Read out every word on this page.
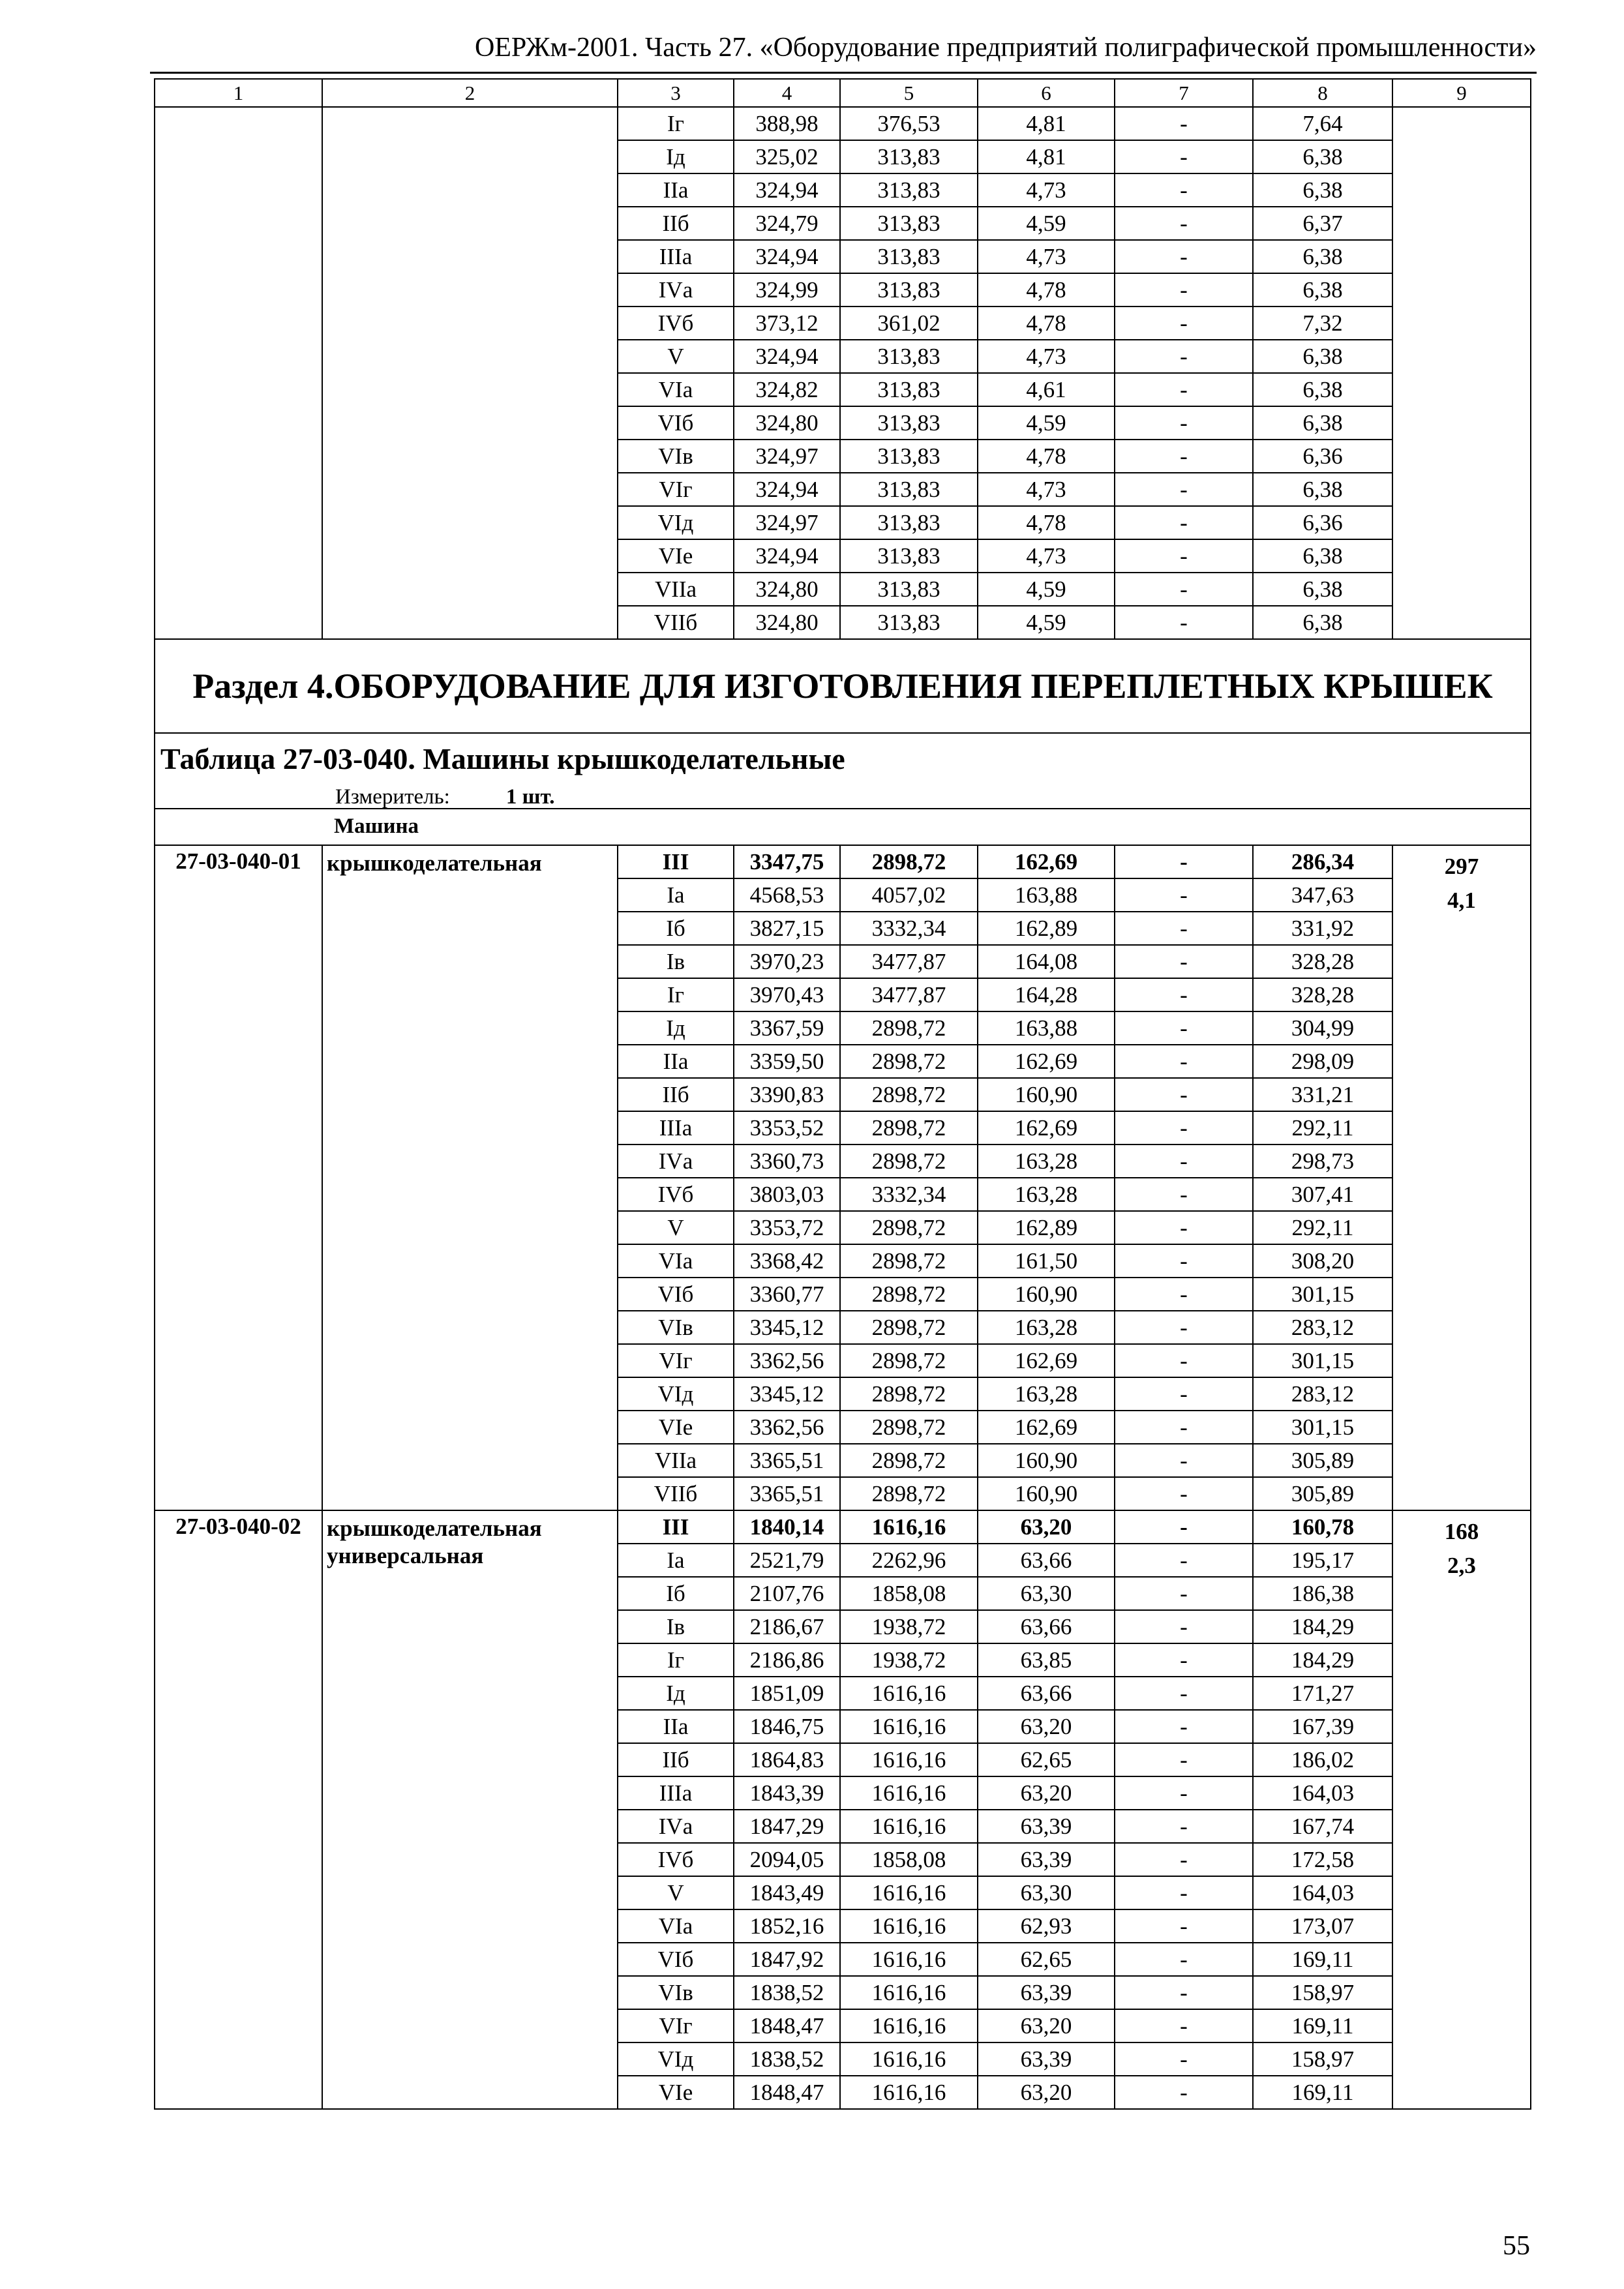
ОЕРЖм-2001. Часть 27. «Оборудование предприятий полиграфической промышленности»
1	2	3	4	5	6	7	8	9
		Iг	388,98	376,53	4,81	-	7,64	
		Iд	325,02	313,83	4,81	-	6,38	
		IIа	324,94	313,83	4,73	-	6,38	
		IIб	324,79	313,83	4,59	-	6,37	
		IIIа	324,94	313,83	4,73	-	6,38	
		IVа	324,99	313,83	4,78	-	6,38	
		IVб	373,12	361,02	4,78	-	7,32	
		V	324,94	313,83	4,73	-	6,38	
		VIа	324,82	313,83	4,61	-	6,38	
		VIб	324,80	313,83	4,59	-	6,38	
		VIв	324,97	313,83	4,78	-	6,36	
		VIг	324,94	313,83	4,73	-	6,38	
		VIд	324,97	313,83	4,78	-	6,36	
		VIе	324,94	313,83	4,73	-	6,38	
		VIIа	324,80	313,83	4,59	-	6,38	
		VIIб	324,80	313,83	4,59	-	6,38	
Раздел 4.ОБОРУДОВАНИЕ ДЛЯ ИЗГОТОВЛЕНИЯ ПЕРЕПЛЕТНЫХ КРЫШЕК								

Таблица 27-03-040. Машины крышкоделательные
Измеритель: 1 шт.								

Машина								
27-03-040-01	крышкоделательная	III	3347,75	2898,72	162,69	-	286,34	297
4,1

		Iа	4568,53	4057,02	163,88	-	347,63	
		Iб	3827,15	3332,34	162,89	-	331,92	
		Iв	3970,23	3477,87	164,08	-	328,28	
		Iг	3970,43	3477,87	164,28	-	328,28	
		Iд	3367,59	2898,72	163,88	-	304,99	
		IIа	3359,50	2898,72	162,69	-	298,09	
		IIб	3390,83	2898,72	160,90	-	331,21	
		IIIа	3353,52	2898,72	162,69	-	292,11	
		IVа	3360,73	2898,72	163,28	-	298,73	
		IVб	3803,03	3332,34	163,28	-	307,41	
		V	3353,72	2898,72	162,89	-	292,11	
		VIа	3368,42	2898,72	161,50	-	308,20	
		VIб	3360,77	2898,72	160,90	-	301,15	
		VIв	3345,12	2898,72	163,28	-	283,12	
		VIг	3362,56	2898,72	162,69	-	301,15	
		VIд	3345,12	2898,72	163,28	-	283,12	
		VIе	3362,56	2898,72	162,69	-	301,15	
		VIIа	3365,51	2898,72	160,90	-	305,89	
		VIIб	3365,51	2898,72	160,90	-	305,89	
27-03-040-02	крышкоделательная универсальная	III	1840,14	1616,16	63,20	-	160,78	168
2,3

		Iа	2521,79	2262,96	63,66	-	195,17	
		Iб	2107,76	1858,08	63,30	-	186,38	
		Iв	2186,67	1938,72	63,66	-	184,29	
		Iг	2186,86	1938,72	63,85	-	184,29	
		Iд	1851,09	1616,16	63,66	-	171,27	
		IIа	1846,75	1616,16	63,20	-	167,39	
		IIб	1864,83	1616,16	62,65	-	186,02	
		IIIа	1843,39	1616,16	63,20	-	164,03	
		IVа	1847,29	1616,16	63,39	-	167,74	
		IVб	2094,05	1858,08	63,39	-	172,58	
		V	1843,49	1616,16	63,30	-	164,03	
		VIа	1852,16	1616,16	62,93	-	173,07	
		VIб	1847,92	1616,16	62,65	-	169,11	
		VIв	1838,52	1616,16	63,39	-	158,97	
		VIг	1848,47	1616,16	63,20	-	169,11	
		VIд	1838,52	1616,16	63,39	-	158,97	
		VIе	1848,47	1616,16	63,20	-	169,11	
55
